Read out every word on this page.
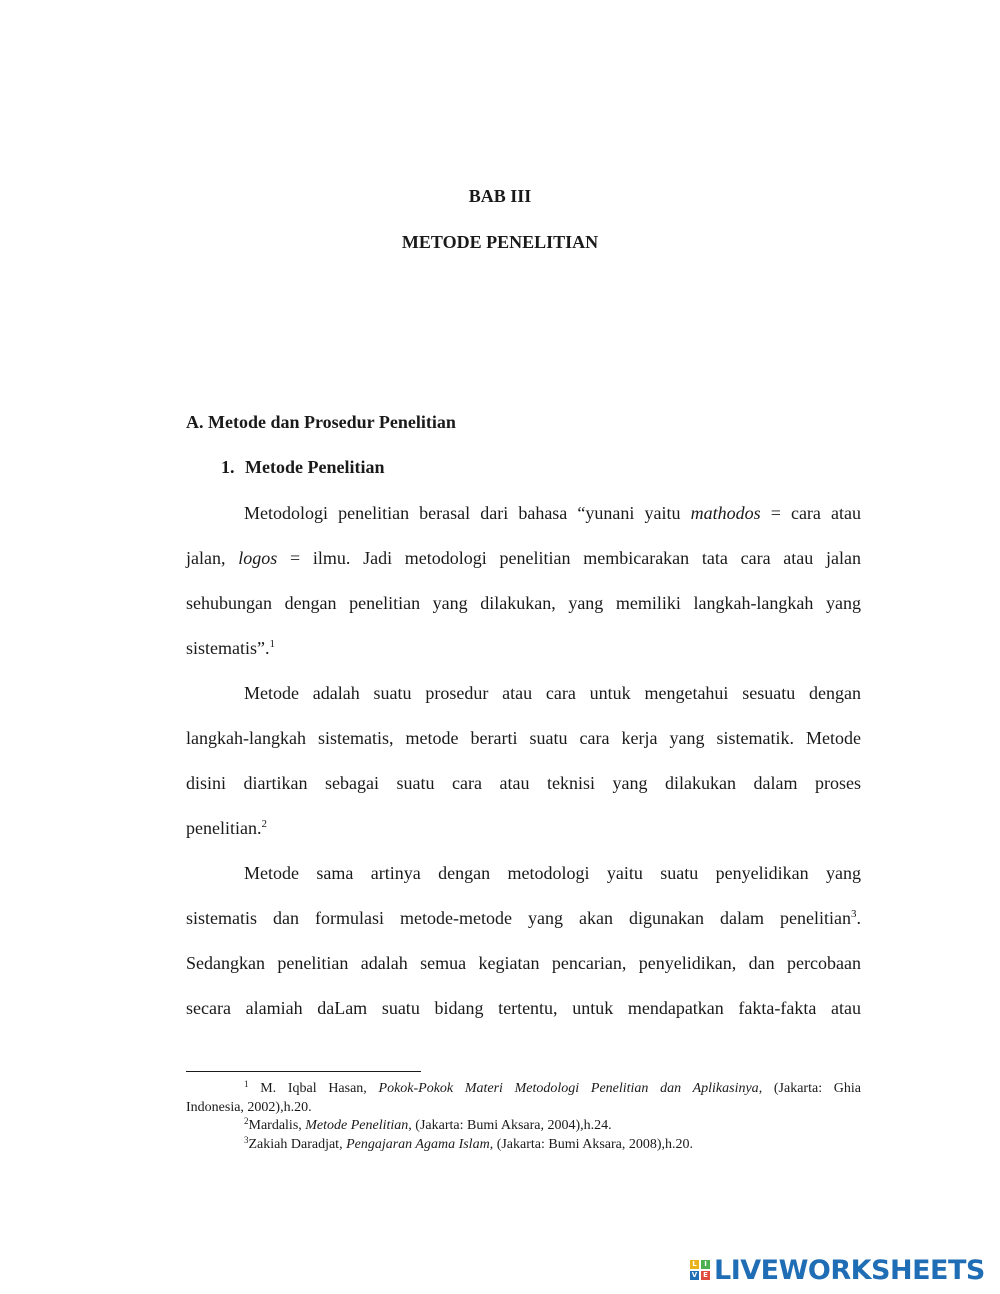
BAB III
METODE PENELITIAN
A. Metode dan Prosedur Penelitian
1. Metode Penelitian
Metodologi penelitian berasal dari bahasa “yunani yaitu mathodos = cara atau
jalan, logos = ilmu. Jadi metodologi penelitian membicarakan tata cara atau jalan
sehubungan dengan penelitian yang dilakukan, yang memiliki langkah-langkah yang
sistematis”.$^1$
Metode adalah suatu prosedur atau cara untuk mengetahui sesuatu dengan
langkah-langkah sistematis, metode berarti suatu cara kerja yang sistematik. Metode
disini diartikan sebagai suatu cara atau teknisi yang dilakukan dalam proses
penelitian.$^2$
Metode sama artinya dengan metodologi yaitu suatu penyelidikan yang
sistematis dan formulasi metode-metode yang akan digunakan dalam penelitian$^3$.
Sedangkan penelitian adalah semua kegiatan pencarian, penyelidikan, dan percobaan
secara alamiah daLam suatu bidang tertentu, untuk mendapatkan fakta-fakta atau
$^1$ M. Iqbal Hasan, Pokok-Pokok Materi Metodologi Penelitian dan Aplikasinya, (Jakarta: Ghia
Indonesia, 2002),h.20.
$^2$Mardalis, Metode Penelitian, (Jakarta: Bumi Aksara, 2004),h.24.
$^3$Zakiah Daradjat, Pengajaran Agama Islam, (Jakarta: Bumi Aksara, 2008),h.20.
L	I
V E LIVEWORKSHEETS
